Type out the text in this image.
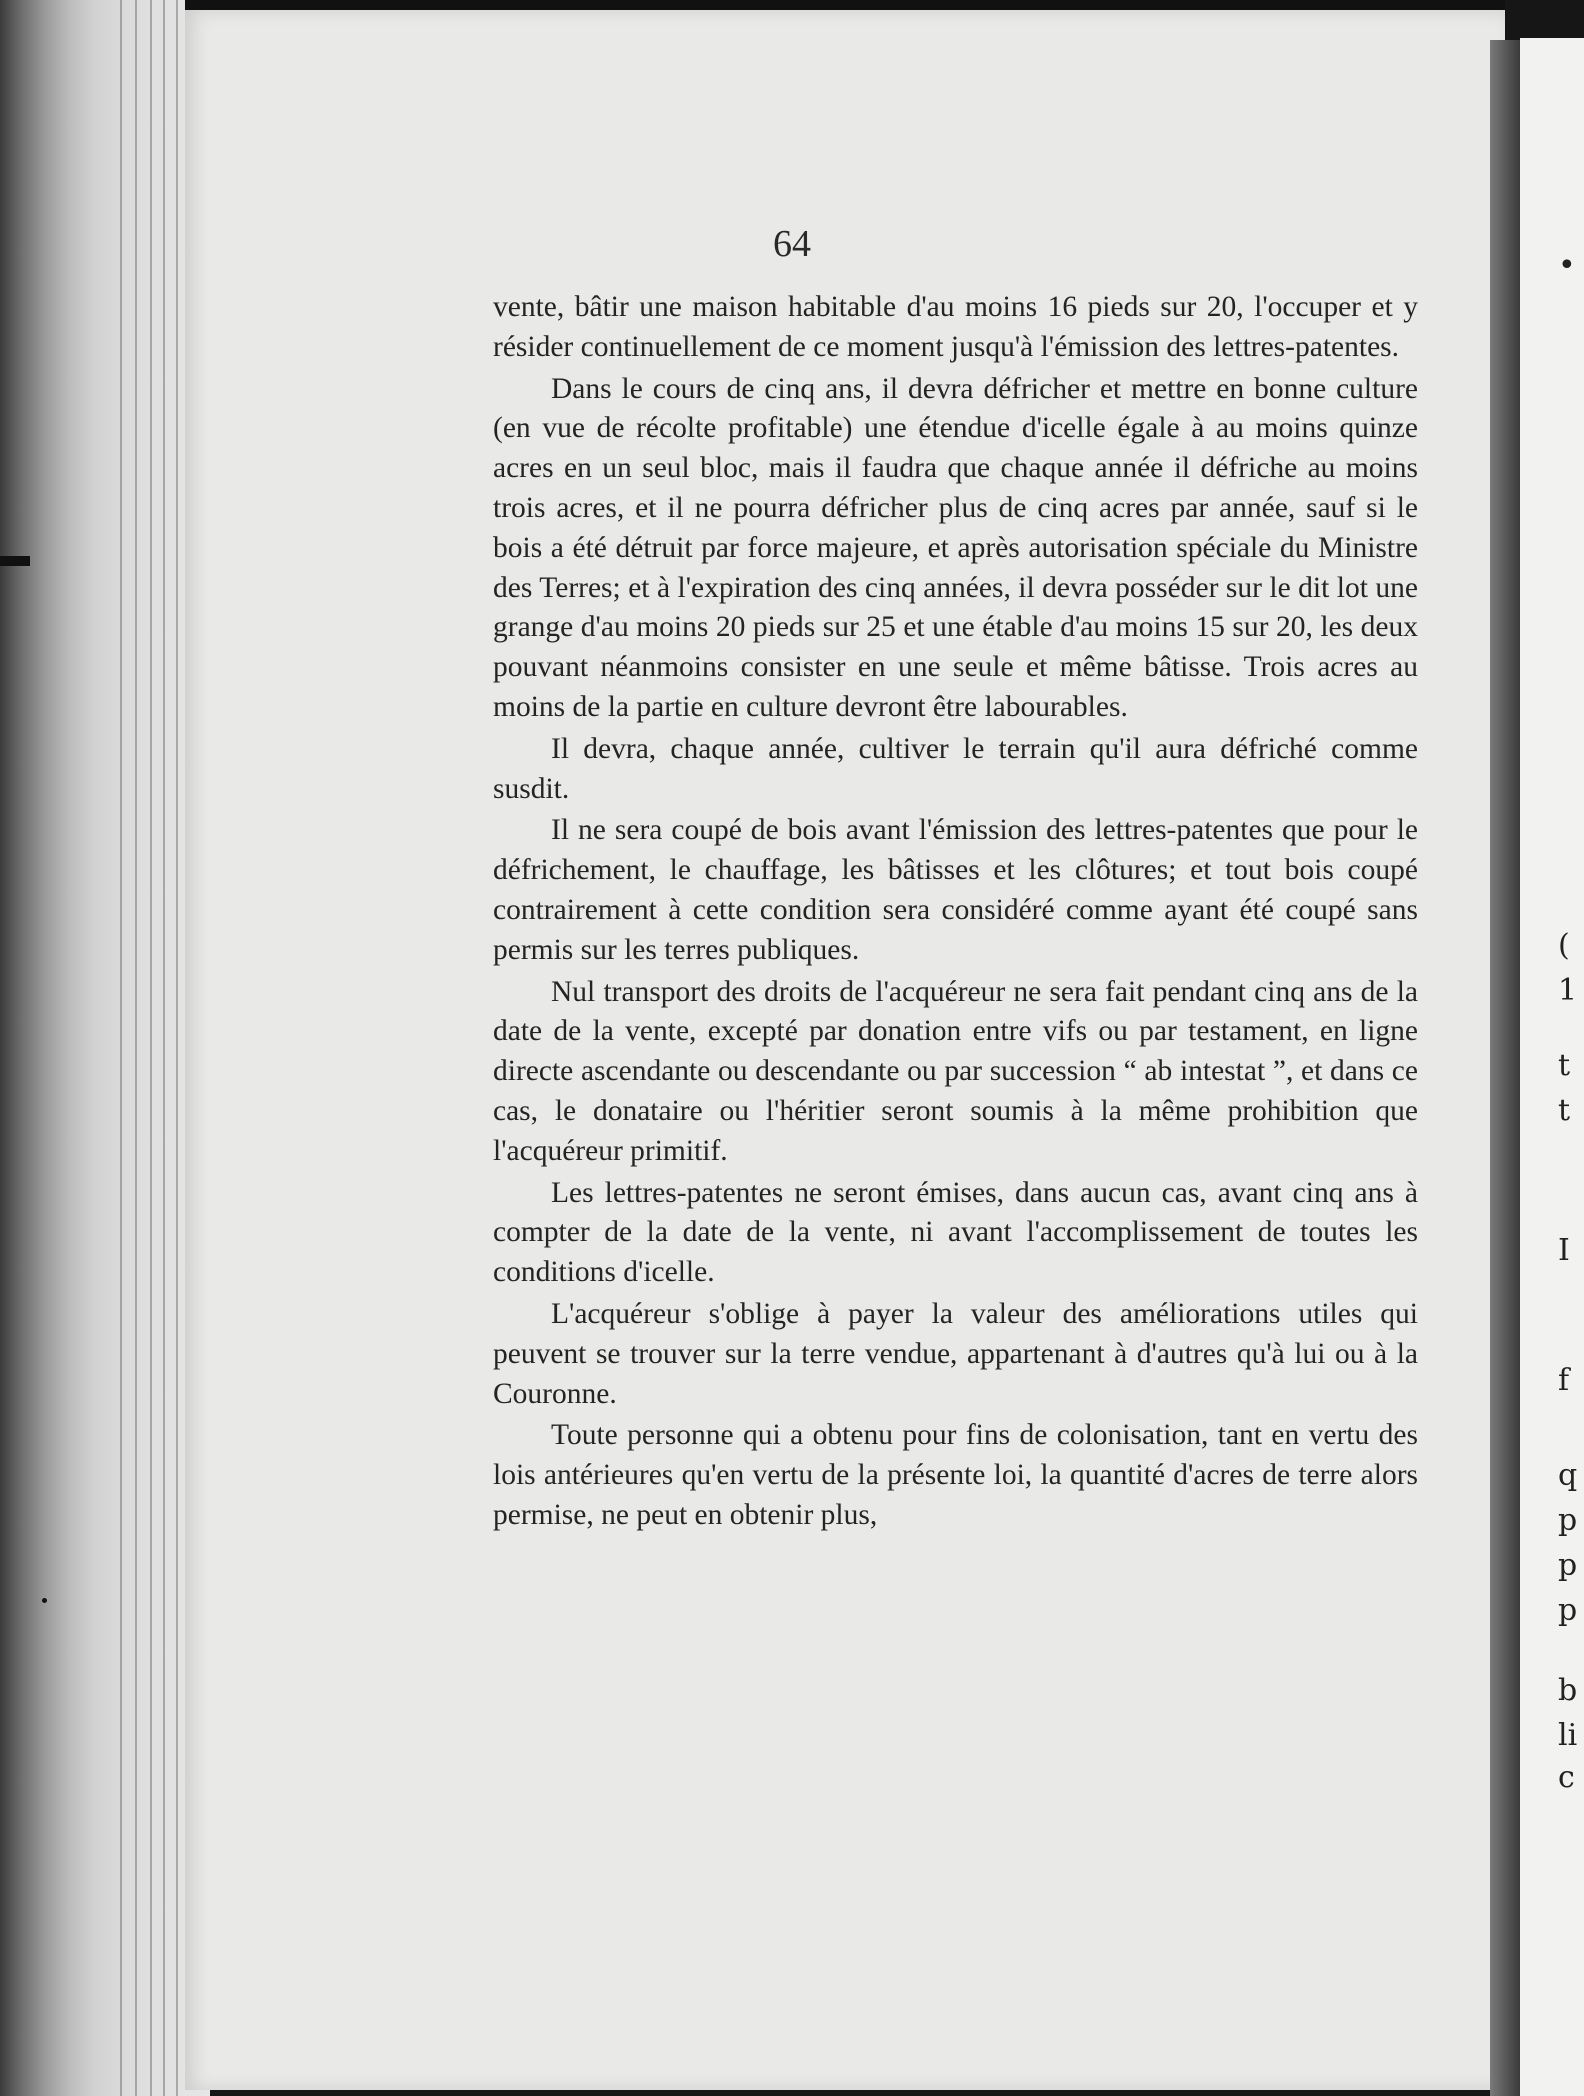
64

vente, bâtir une maison habitable d'au moins 16 pieds sur 20, l'occuper et y résider continuellement de ce moment jusqu'à l'émission des lettres-patentes.

Dans le cours de cinq ans, il devra défricher et mettre en bonne culture (en vue de récolte profitable) une étendue d'icelle égale à au moins quinze acres en un seul bloc, mais il faudra que chaque année il défriche au moins trois acres, et il ne pourra défricher plus de cinq acres par année, sauf si le bois a été détruit par force majeure, et après autorisation spéciale du Ministre des Terres; et à l'expiration des cinq années, il devra posséder sur le dit lot une grange d'au moins 20 pieds sur 25 et une étable d'au moins 15 sur 20, les deux pouvant néanmoins consister en une seule et même bâtisse. Trois acres au moins de la partie en culture devront être labourables.

Il devra, chaque année, cultiver le terrain qu'il aura défriché comme susdit.

Il ne sera coupé de bois avant l'émission des lettres-patentes que pour le défrichement, le chauffage, les bâtisses et les clôtures; et tout bois coupé contrairement à cette condition sera considéré comme ayant été coupé sans permis sur les terres publiques.

Nul transport des droits de l'acquéreur ne sera fait pendant cinq ans de la date de la vente, excepté par donation entre vifs ou par testament, en ligne directe ascendante ou descendante ou par succession “ ab intestat ”, et dans ce cas, le donataire ou l'héritier seront soumis à la même prohibition que l'acquéreur primitif.

Les lettres-patentes ne seront émises, dans aucun cas, avant cinq ans à compter de la date de la vente, ni avant l'accomplissement de toutes les conditions d'icelle.

L'acquéreur s'oblige à payer la valeur des améliorations utiles qui peuvent se trouver sur la terre vendue, appartenant à d'autres qu'à lui ou à la Couronne.

Toute personne qui a obtenu pour fins de colonisation, tant en vertu des lois antérieures qu'en vertu de la présente loi, la quantité d'acres de terre alors permise, ne peut en obtenir plus,

•
(
1
t
t
I
f
q
p
p
p
b
li
c
